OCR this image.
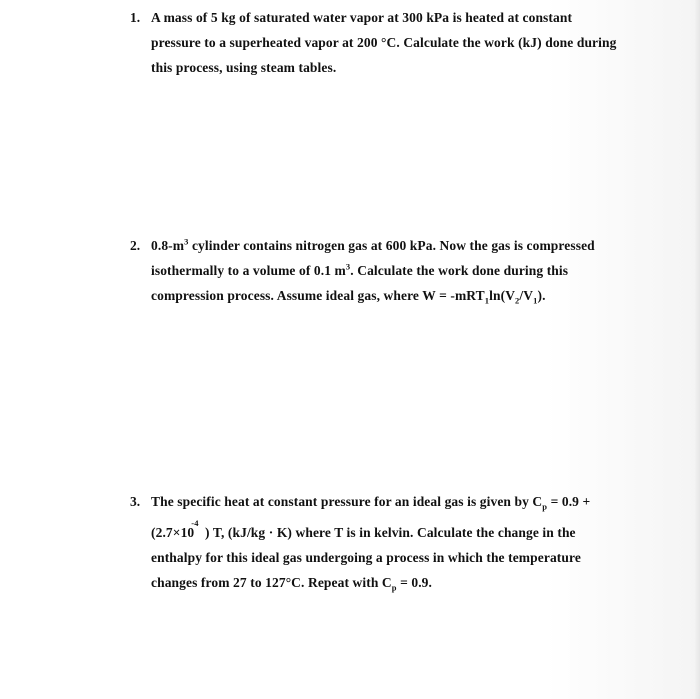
1. A mass of 5 kg of saturated water vapor at 300 kPa is heated at constant
pressure to a superheated vapor at 200 °C. Calculate the work (kJ) done during
this process, using steam tables.
2. $0.8-m^3$ cylinder contains nitrogen gas at 600 kPa. Now the gas is compressed
isothermally to a volume of 0.1 $m^3$. Calculate the work done during this
compression process. Assume ideal gas, where $W = -mRT_1\ln(V_2/V_1)$.
3. The specific heat at constant pressure for an ideal gas is given by $C_p = 0.9$ +
($2.7\times 10^{-4}$ ) T, (kJ/kg · K) where T is in kelvin. Calculate the change in the
enthalpy for this ideal gas undergoing a process in which the temperature
changes from 27 to 127°C. Repeat with $C_p = 0.9$.
